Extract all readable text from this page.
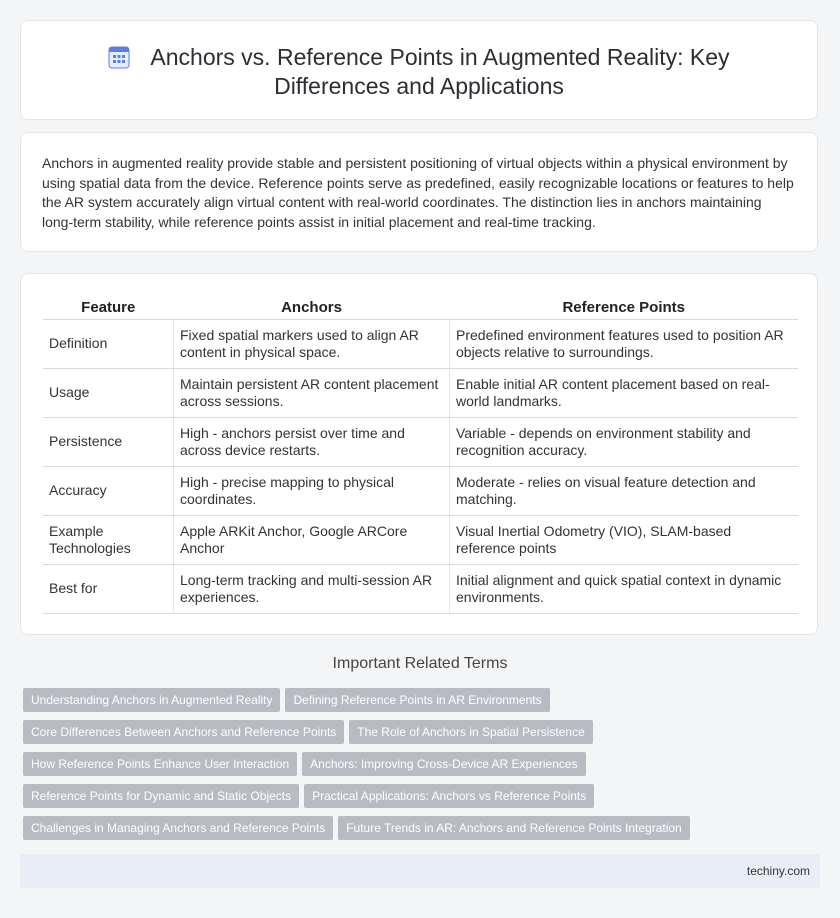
Anchors vs. Reference Points in Augmented Reality: Key
Differences and Applications
Anchors in augmented reality provide stable and persistent positioning of virtual objects within a physical environment by using spatial data from the device. Reference points serve as predefined, easily recognizable locations or features to help the AR system accurately align virtual content with real-world coordinates. The distinction lies in anchors maintaining long-term stability, while reference points assist in initial placement and real-time tracking.
Feature	Anchors	Reference Points
Definition	Fixed spatial markers used to align AR content in physical space.	Predefined environment features used to position AR objects relative to surroundings.
Usage	Maintain persistent AR content placement across sessions.	Enable initial AR content placement based on real-world landmarks.
Persistence	High - anchors persist over time and across device restarts.	Variable - depends on environment stability and recognition accuracy.
Accuracy	High - precise mapping to physical coordinates.	Moderate - relies on visual feature detection and matching.
Example Technologies	Apple ARKit Anchor, Google ARCore Anchor	Visual Inertial Odometry (VIO), SLAM-based reference points
Best for	Long-term tracking and multi-session AR experiences.	Initial alignment and quick spatial context in dynamic environments.
Important Related Terms
Understanding Anchors in Augmented Reality Defining Reference Points in AR Environments
Core Differences Between Anchors and Reference Points The Role of Anchors in Spatial Persistence
How Reference Points Enhance User Interaction Anchors: Improving Cross-Device AR Experiences
Reference Points for Dynamic and Static Objects Practical Applications: Anchors vs Reference Points
Challenges in Managing Anchors and Reference Points Future Trends in AR: Anchors and Reference Points Integration
techiny.com
